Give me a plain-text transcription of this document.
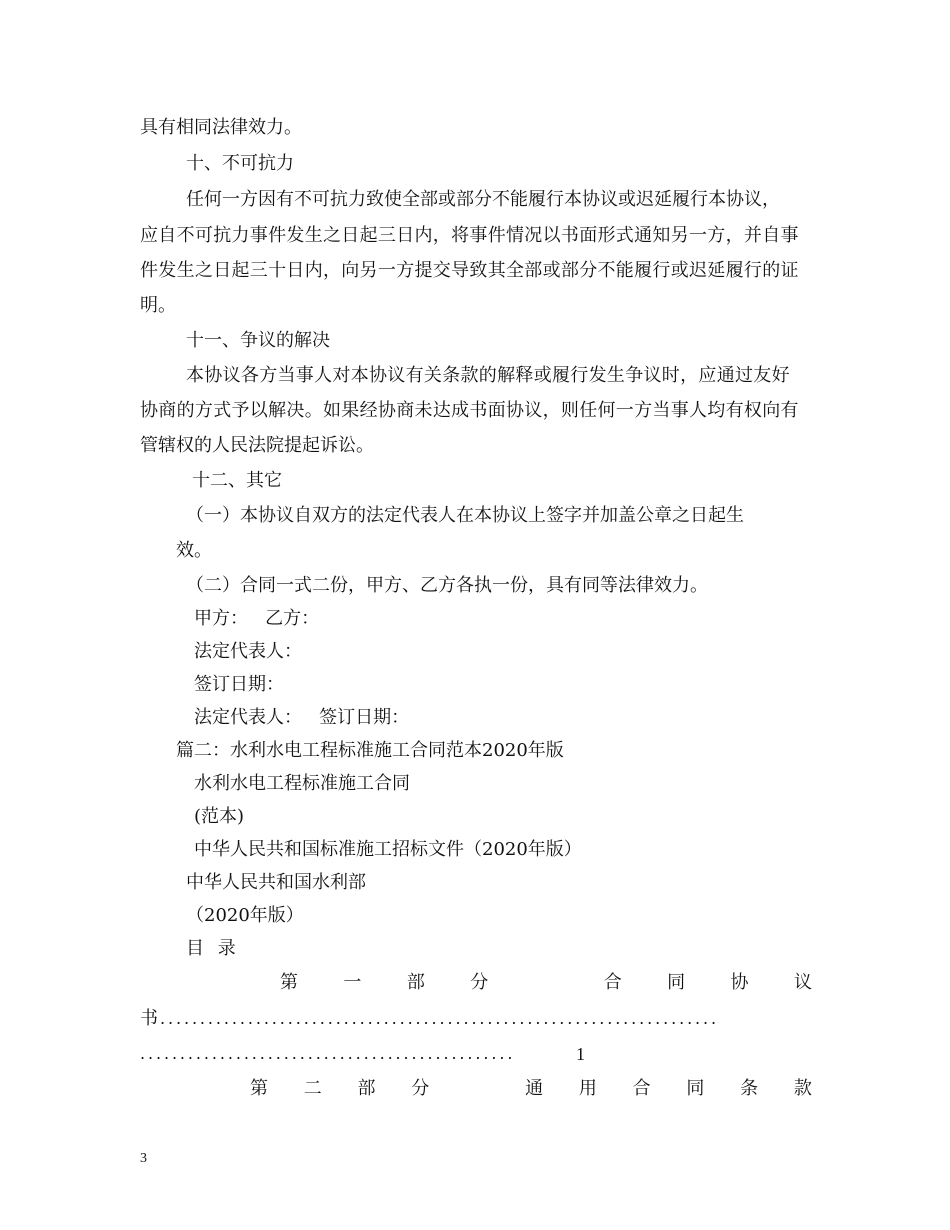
具有相同法律效力。
十、不可抗力
任何一方因有不可抗力致使全部或部分不能履行本协议或迟延履行本协议，
应自不可抗力事件发生之日起三日内，将事件情况以书面形式通知另一方，并自事
件发生之日起三十日内，向另一方提交导致其全部或部分不能履行或迟延履行的证
明。
十一、争议的解决
本协议各方当事人对本协议有关条款的解释或履行发生争议时，应通过友好
协商的方式予以解决。如果经协商未达成书面协议，则任何一方当事人均有权向有
管辖权的人民法院提起诉讼。
十二、其它
（一）本协议自双方的法定代表人在本协议上签字并加盖公章之日起生
效。
（二）合同一式二份，甲方、乙方各执一份，具有同等法律效力。
甲方：   乙方：
法定代表人：
签订日期：
法定代表人：   签订日期：
篇二：水利水电工程标准施工合同范本2020年版
水利水电工程标准施工合同
(范本)
中华人民共和国标准施工招标文件（2020年版）
中华人民共和国水利部
（2020年版）
目 录
第	一	部	分	合	同	协	议
书 ......................................................................
...............................................	1
第 二 部 分	通 用 合 同 条 款
3
